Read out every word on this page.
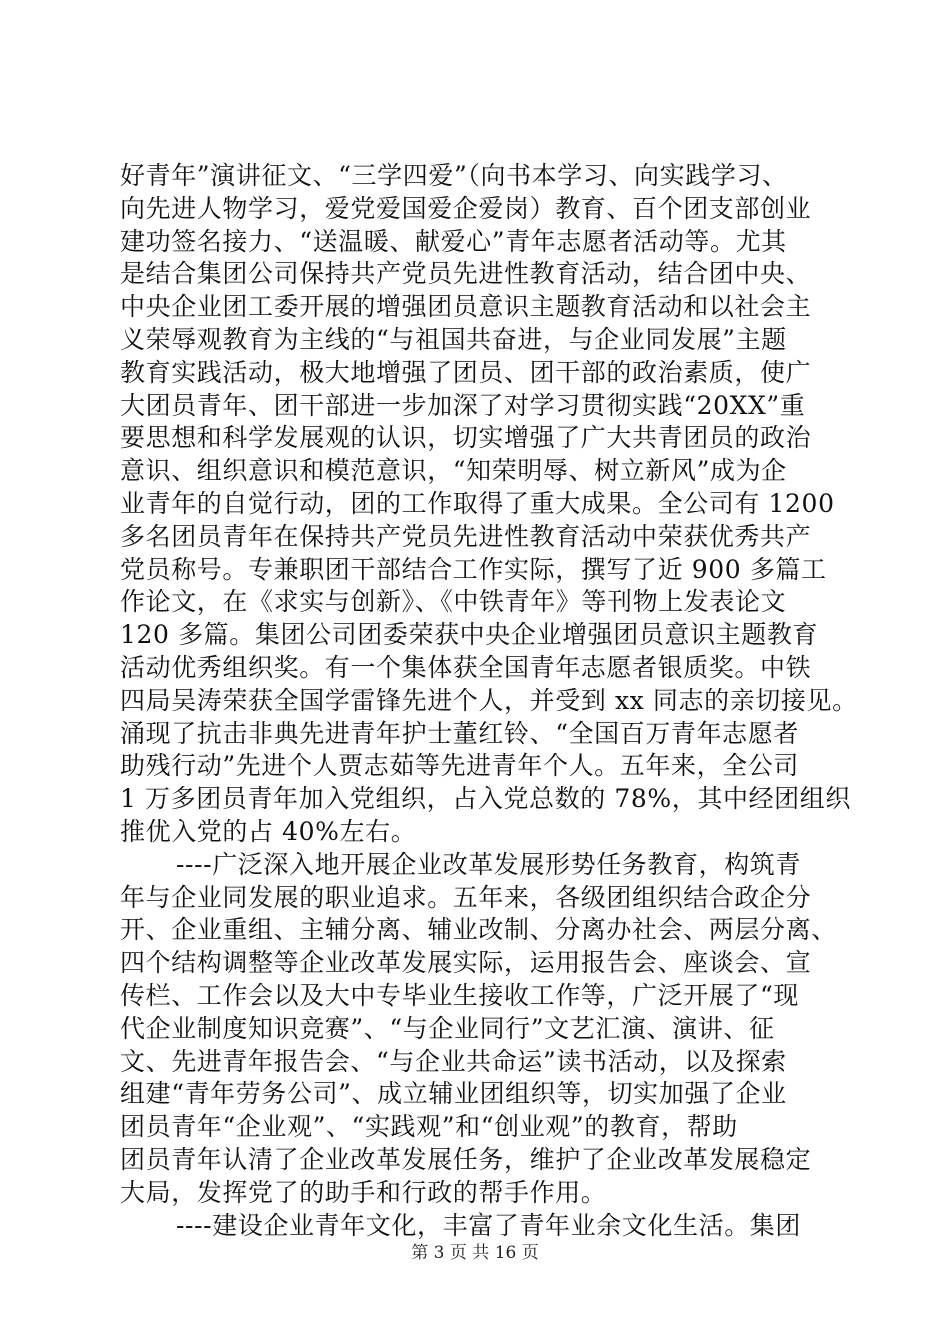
好青年”演讲征文、“三学四爱”（向书本学习、向实践学习、
向先进人物学习，爱党爱国爱企爱岗）教育、百个团支部创业
建功签名接力、“送温暖、献爱心”青年志愿者活动等。尤其
是结合集团公司保持共产党员先进性教育活动，结合团中央、
中央企业团工委开展的增强团员意识主题教育活动和以社会主
义荣辱观教育为主线的“与祖国共奋进，与企业同发展”主题
教育实践活动，极大地增强了团员、团干部的政治素质，使广
大团员青年、团干部进一步加深了对学习贯彻实践“20XX”重
要思想和科学发展观的认识，切实增强了广大共青团员的政治
意识、组织意识和模范意识，“知荣明辱、树立新风”成为企
业青年的自觉行动，团的工作取得了重大成果。全公司有 1200
多名团员青年在保持共产党员先进性教育活动中荣获优秀共产
党员称号。专兼职团干部结合工作实际，撰写了近 900 多篇工
作论文，在《求实与创新》、《中铁青年》等刊物上发表论文
120 多篇。集团公司团委荣获中央企业增强团员意识主题教育
活动优秀组织奖。有一个集体获全国青年志愿者银质奖。中铁
四局吴涛荣获全国学雷锋先进个人，并受到 xx 同志的亲切接见。
涌现了抗击非典先进青年护士董红铃、“全国百万青年志愿者
助残行动”先进个人贾志茹等先进青年个人。五年来，全公司
1 万多团员青年加入党组织，占入党总数的 78%，其中经团组织
推优入党的占 40%左右。
----广泛深入地开展企业改革发展形势任务教育，构筑青
年与企业同发展的职业追求。五年来，各级团组织结合政企分
开、企业重组、主辅分离、辅业改制、分离办社会、两层分离、
四个结构调整等企业改革发展实际，运用报告会、座谈会、宣
传栏、工作会以及大中专毕业生接收工作等，广泛开展了“现
代企业制度知识竞赛”、“与企业同行”文艺汇演、演讲、征
文、先进青年报告会、“与企业共命运”读书活动，以及探索
组建“青年劳务公司”、成立辅业团组织等，切实加强了企业
团员青年“企业观”、“实践观”和“创业观”的教育，帮助
团员青年认清了企业改革发展任务，维护了企业改革发展稳定
大局，发挥党了的助手和行政的帮手作用。
----建设企业青年文化，丰富了青年业余文化生活。集团
第 3 页 共 16 页
